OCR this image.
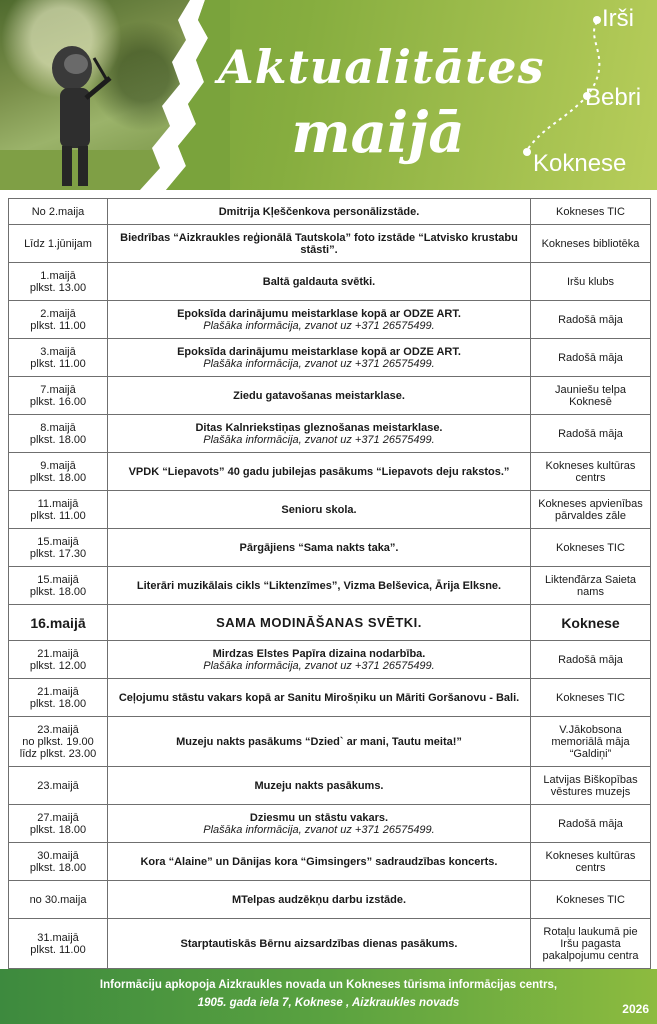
Aktualitātes
maijā
Irši
Bebri
Koknese
No 2.maija	Dmitrija Kļeščenkova personālizstāde.	Kokneses TIC

Līdz 1.jūnijam	Biedrības “Aizkraukles reģionālā Tautskola” foto izstāde “Latvisko krustabu stāsti”.	Kokneses bibliotēka

1.maijā
plkst. 13.00	Baltā galdauta svētki.	Iršu klubs

2.maijā
plkst. 11.00	Epoksīda darinājumu meistarklase kopā ar ODZE ART.
Plašāka informācija, zvanot uz +371 26575499.	Radošā māja

3.maijā
plkst. 11.00	Epoksīda darinājumu meistarklase kopā ar ODZE ART.
Plašāka informācija, zvanot uz +371 26575499.	Radošā māja

7.maijā
plkst. 16.00	Ziedu gatavošanas meistarklase.	Jauniešu telpa Koknesē

8.maijā
plkst. 18.00	Ditas Kalnriekstiņas gleznošanas meistarklase.
Plašāka informācija, zvanot uz +371 26575499.	Radošā māja

9.maijā
plkst. 18.00	VPDK “Liepavots” 40 gadu jubilejas pasākums “Liepavots deju rakstos.”	Kokneses kultūras centrs

11.maijā
plkst. 11.00	Senioru skola.	Kokneses apvienības pārvaldes zāle

15.maijā
plkst. 17.30	Pārgājiens “Sama nakts taka”.	Kokneses TIC

15.maijā
plkst. 18.00	Literāri muzikālais cikls “Liktenzīmes”, Vizma Belševica, Ārija Elksne.	Liktenđārza Saieta nams

16.maijā	SAMA MODINĀŠANAS SVĒTKI.	Koknese

21.maijā
plkst. 12.00	Mirdzas Elstes Papīra dizaina nodarbība.
Plašāka informācija, zvanot uz +371 26575499.	Radošā māja

21.maijā
plkst. 18.00	Ceļojumu stāstu vakars kopā ar Sanitu Mirošņiku un Māriti Goršanovu - Bali.	Kokneses TIC

23.maijā
no plkst. 19.00
līdz plkst. 23.00	Muzeju nakts pasākums “Dzied` ar mani, Tautu meita!”	V.Jākobsona memoriālā māja “Galdiņi”

23.maijā	Muzeju nakts pasākums.	Latvijas Biškopības vēstures muzejs

27.maijā
plkst. 18.00	Dziesmu un stāstu vakars.
Plašāka informācija, zvanot uz +371 26575499.	Radošā māja

30.maijā
plkst. 18.00	Kora “Alaine” un Dānijas kora “Gimsingers” sadraudzības koncerts.	Kokneses kultūras centrs

no 30.maija	MTelpas audzēkņu darbu izstāde.	Kokneses TIC

31.maijā
plkst. 11.00	Starptautiskās Bērnu aizsardzības dienas pasākums.	Rotaļu laukumā pie Iršu pagasta pakalpojumu centra
Informāciju apkopoja Aizkraukles novada un Kokneses tūrisma informācijas centrs,
1905. gada iela 7, Koknese , Aizkraukles novads	2026
